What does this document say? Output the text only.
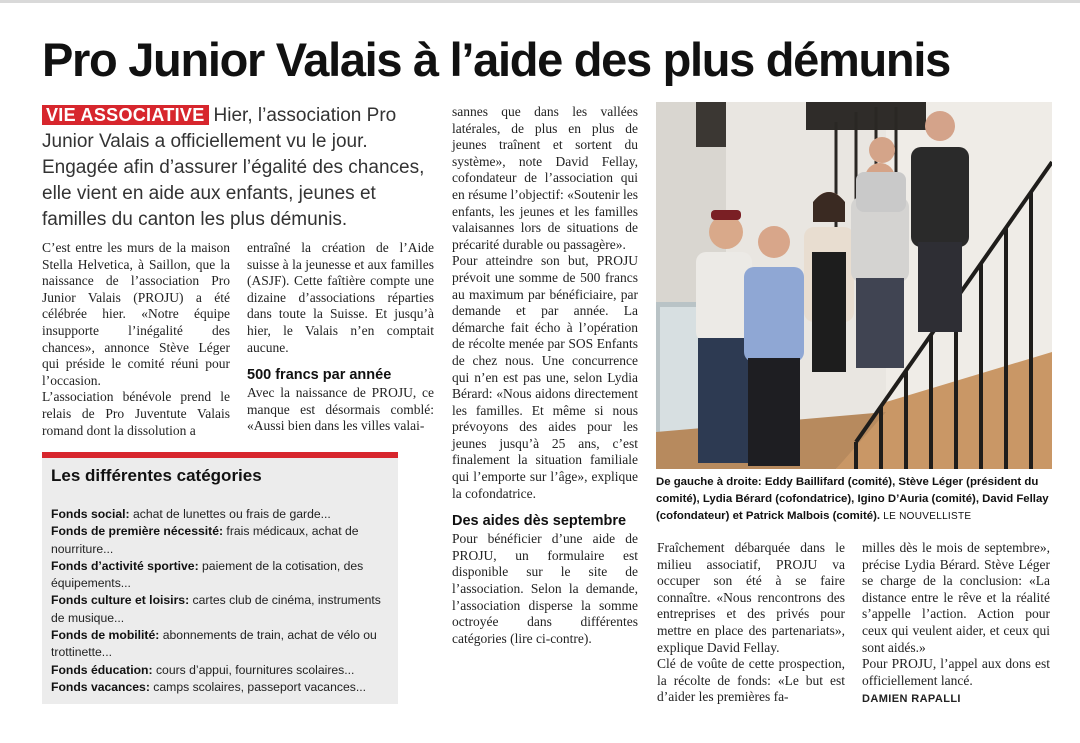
Pro Junior Valais à l’aide des plus démunis
VIE ASSOCIATIVE Hier, l’association Pro Junior Valais a officiellement vu le jour. Engagée afin d’assurer l’égalité des chances, elle vient en aide aux enfants, jeunes et familles du canton les plus démunis.

C’est entre les murs de la maison Stella Helvetica, à Saillon, que la naissance de l’association Pro Junior Valais (PROJU) a été célébrée hier. «Notre équipe insupporte l’inégalité des chances», annonce Stève Léger qui préside le comité réuni pour l’occasion.

L’association bénévole prend le relais de Pro Juventute Valais romand dont la dissolution a

entraîné la création de l’Aide suisse à la jeunesse et aux familles (ASJF). Cette faîtière compte une dizaine d’associations réparties dans toute la Suisse. Et jusqu’à hier, le Valais n’en comptait aucune.

500 francs par année

Avec la naissance de PROJU, ce manque est désormais comblé: «Aussi bien dans les villes valai-

Les différentes catégories
Fonds social: achat de lunettes ou frais de garde...
Fonds de première nécessité: frais médicaux, achat de nourriture...
Fonds d’activité sportive: paiement de la cotisation, des équipements...
Fonds culture et loisirs: cartes club de cinéma, instruments de musique...
Fonds de mobilité: abonnements de train, achat de vélo ou trottinette...
Fonds éducation: cours d’appui, fournitures scolaires...
Fonds vacances: camps scolaires, passeport vacances...

sannes que dans les vallées latérales, de plus en plus de jeunes traînent et sortent du système», note David Fellay, cofondateur de l’association qui en résume l’objectif: «Soutenir les enfants, les jeunes et les familles valaisannes lors de situations de précarité durable ou passagère».

Pour atteindre son but, PROJU prévoit une somme de 500 francs au maximum par bénéficiaire, par demande et par année. La démarche fait écho à l’opération de récolte menée par SOS Enfants de chez nous. Une concurrence qui n’en est pas une, selon Lydia Bérard: «Nous aidons directement les familles. Et même si nous prévoyons des aides pour les jeunes jusqu’à 25 ans, c’est finalement la situation familiale qui l’emporte sur l’âge», explique la cofondatrice.

Des aides dès septembre

Pour bénéficier d’une aide de PROJU, un formulaire est disponible sur le site de l’association. Selon la demande, l’association disperse la somme octroyée dans différentes catégories (lire ci-contre).

De gauche à droite: Eddy Baillifard (comité), Stève Léger (président du comité), Lydia Bérard (cofondatrice), Igino D’Auria (comité), David Fellay (cofondateur) et Patrick Malbois (comité). LE NOUVELLISTE

Fraîchement débarquée dans le milieu associatif, PROJU va occuper son été à se faire connaître. «Nous rencontrons des entreprises et des privés pour mettre en place des partenariats», explique David Fellay.

Clé de voûte de cette prospection, la récolte de fonds: «Le but est d’aider les premières fa-

milles dès le mois de septembre», précise Lydia Bérard. Stève Léger se charge de la conclusion: «La distance entre le rêve et la réalité s’appelle l’action. Action pour ceux qui veulent aider, et ceux qui sont aidés.»

Pour PROJU, l’appel aux dons est officiellement lancé.

DAMIEN RAPALLI
